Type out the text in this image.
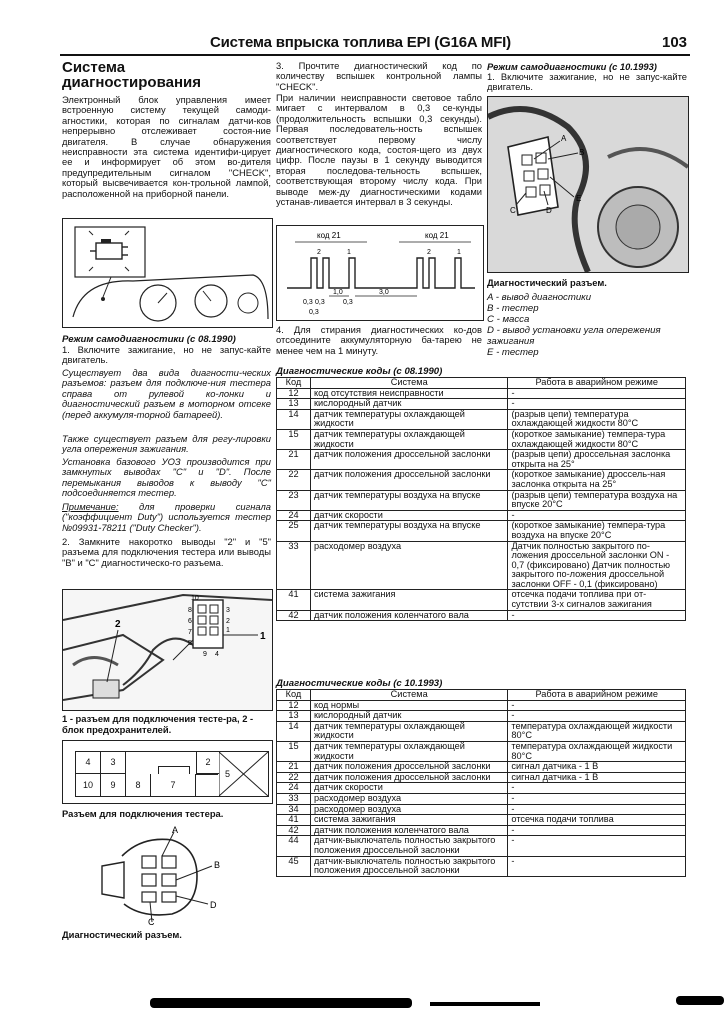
Система впрыска топлива EPI (G16A MFI)	103
Система
диагностирования
Электронный блок управления имеет встроенную систему текущей самоди-агностики, которая по сигналам датчи-ков непрерывно отслеживает состоя-ние двигателя. В случае обнаружения неисправности эта система идентифи-цирует ее и информирует об этом во-дителя предупредительным сигналом "CHECK", который высвечивается кон-трольной лампой, расположенной на приборной панели.
Режим самодиагностики (с 08.1990)
1. Включите зажигание, но не запус-кайте двигатель.
Существует два вида диагности-ческих разъемов: разъем для подключе-ния тестера справа от рулевой ко-лонки и диагностический разъем в моторном отсеке (перед аккумуля-торной батареей).
Также существует разъем для регу-лировки угла опережения зажигания.
Установка базового УОЗ производится при замкнутых выводах "C" и "D". После перемыкания выводов к выводу "C" подсоединяется тестер.
Примечание: для проверки сигнала ("коэффициент Duty") используется тестер №09931-78211 ("Duty Checker").
2. Замкните накоротко выводы "2" и "5" разъема для подключения тестера или выводы "B" и "C" диагностическо-го разъема.
2
1
10
8
6
3
2
1
7
5
9 4
1 - разъем для подключения тесте-ра, 2 - блок предохранителей.
4	3	2
10	9	8	7
5
Разъем для подключения тестера.
A
B
D
C
Диагностический разъем.
3. Прочтите диагностический код по количеству вспышек контрольной лампы "CHECK".
При наличии неисправности световое табло мигает с интервалом в 0,3 се-кунды (продолжительность вспышки 0,3 секунды). Первая последователь-ность вспышек соответствует первому числу диагностического кода, состоя-щего из двух цифр. После паузы в 1 секунду выводится вторая последова-тельность вспышек, соответствующая второму числу кода. При выводе меж-ду диагностическими кодами устанав-ливается интервал в 3 секунды.
код 21	код 21
2	1	2	1
1,0	3,0
0,3 0,3	0,3
0,3
4. Для стирания диагностических ко-дов отсоедините аккумуляторную ба-тарею не менее чем на 1 минуту.
Режим самодиагностики (с 10.1993)
1. Включите зажигание, но не запус-кайте двигатель.
A
B
C	D
E
Диагностический разъем.
A - вывод диагностики
B - тестер
C - масса
D - вывод установки угла опережения зажигания
E - тестер
Диагностические коды (с 08.1990)
Код	Система	Работа в аварийном режиме
12	код отсутствия неисправности	-
13	кислородный датчик	-
14	датчик температуры охлаждающей жидкости	(разрыв цепи) температура охлаждающей жидкости 80°С
15	датчик температуры охлаждающей жидкости	(короткое замыкание) темпера-тура охлаждающей жидкости 80°С
21	датчик положения дроссельной заслонки	(разрыв цепи) дроссельная заслонка открыта на 25°
22	датчик положения дроссельной заслонки	(короткое замыкание) дроссель-ная заслонка открыта на 25°
23	датчик температуры воздуха на впуске	(разрыв цепи) температура воздуха на впуске 20°С
24	датчик скорости	-
25	датчик температуры воздуха на впуске	(короткое замыкание) темпера-тура воздуха на впуске 20°С
33	расходомер воздуха	Датчик полностью закрытого по-ложения дроссельной заслонки ON - 0,7 (фиксировано) Датчик полностью закрытого по-ложения дроссельной заслонки OFF - 0,1 (фиксировано)
41	система зажигания	отсечка подачи топлива при от-сутствии 3-х сигналов зажигания
42	датчик положения коленчатого вала	-
Диагностические коды (с 10.1993)
Код	Система	Работа в аварийном режиме
12	код нормы	-
13	кислородный датчик	-
14	датчик температуры охлаждающей жидкости	температура охлаждающей жидкости 80°С
15	датчик температуры охлаждающей жидкости	температура охлаждающей жидкости 80°С
21	датчик положения дроссельной заслонки	сигнал датчика - 1 В
22	датчик положения дроссельной заслонки	сигнал датчика - 1 В
24	датчик скорости	-
33	расходомер воздуха	-
34	расходомер воздуха	-
41	система зажигания	отсечка подачи топлива
42	датчик положения коленчатого вала	-
44	датчик-выключатель полностью закрытого положения дроссельной заслонки	-
45	датчик-выключатель полностью закрытого положения дроссельной заслонки	-
